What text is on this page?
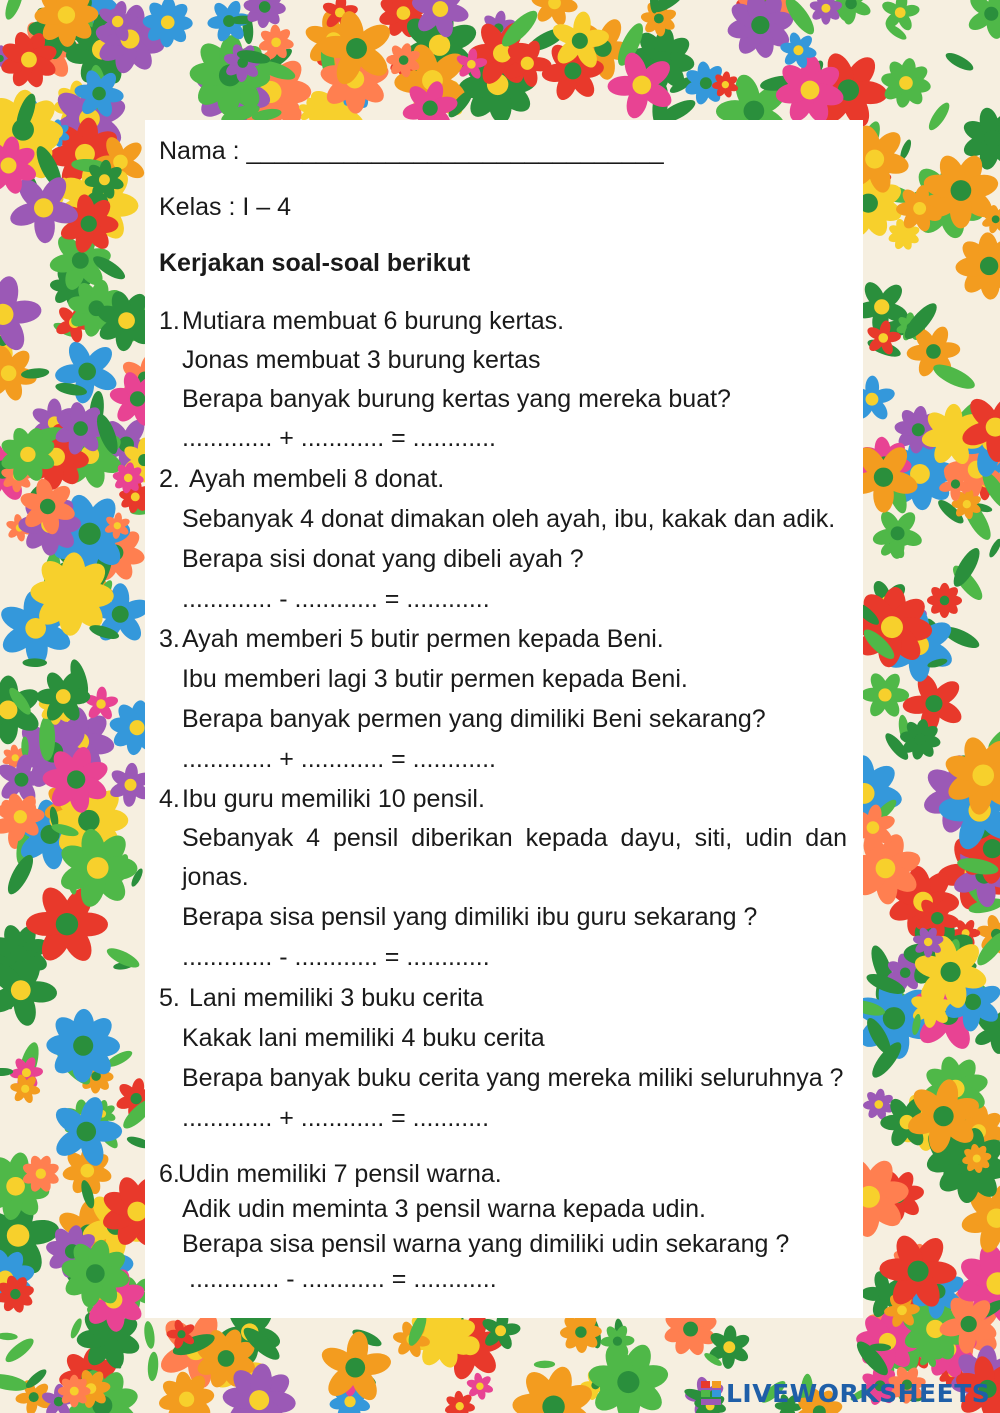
Nama : ______________________________
Kelas : I – 4
Kerjakan soal-soal berikut
1. Mutiara membuat 6 burung kertas.
Jonas membuat 3 burung kertas
Berapa banyak burung kertas yang mereka buat?
............. + ............ = ............
2. Ayah membeli 8 donat.
Sebanyak 4 donat dimakan oleh ayah, ibu, kakak dan adik.
Berapa sisi donat yang dibeli ayah ?
............. - ............ = ............
3. Ayah memberi 5 butir permen kepada Beni.
Ibu memberi lagi 3 butir permen kepada Beni.
Berapa banyak permen yang dimiliki Beni sekarang?
............. + ............ = ............
4. Ibu guru memiliki 10 pensil.
Sebanyak 4 pensil diberikan kepada dayu, siti, udin dan
jonas.
Berapa sisa pensil yang dimiliki ibu guru sekarang ?
............. - ............ = ............
5. Lani memiliki 3 buku cerita
Kakak lani memiliki 4 buku cerita
Berapa banyak buku cerita yang mereka miliki seluruhnya ?
............. + ............ = ...........
6.
Udin memiliki 7 pensil warna.
Adik udin meminta 3 pensil warna kepada udin.
Berapa sisa pensil warna yang dimiliki udin sekarang ?
............. - ............ = ............
LIVEWORKSHEETS
